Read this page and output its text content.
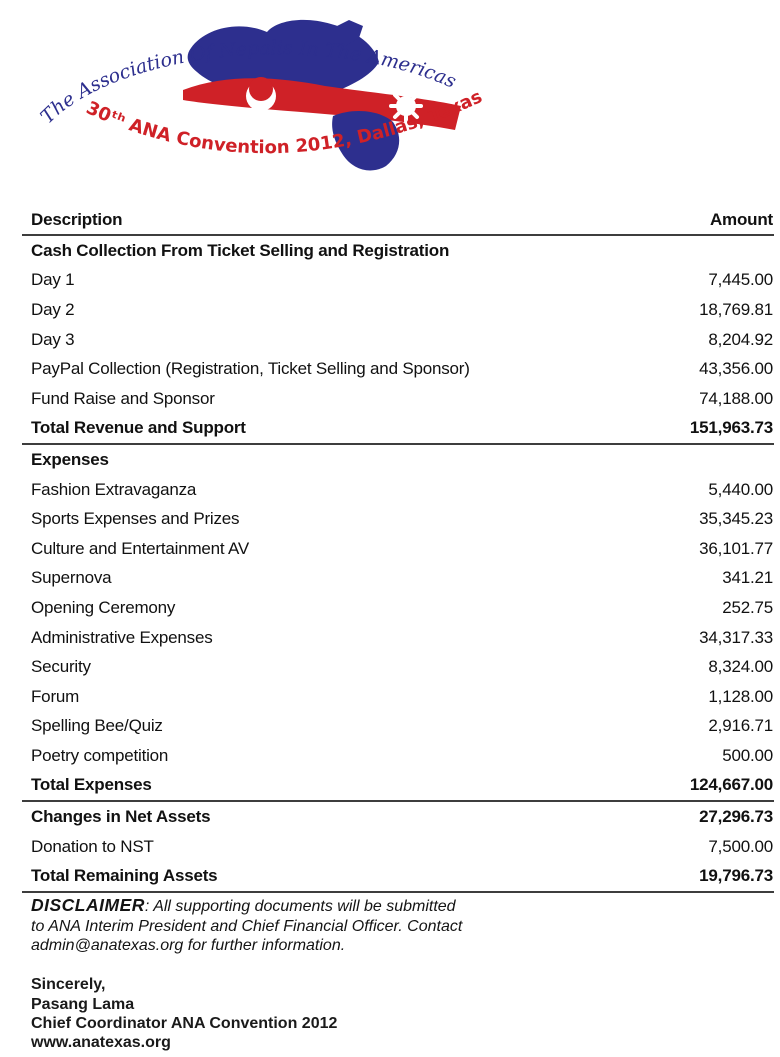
The Association Of Nepalis In The Americas
30ᵗʰ ANA Convention 2012, Dallas, Texas
Description	Amount
Cash Collection From Ticket Selling and Registration
Day 1	7,445.00
Day 2	18,769.81
Day 3	8,204.92
PayPal Collection (Registration, Ticket Selling and Sponsor)	43,356.00
Fund Raise and Sponsor	74,188.00
Total Revenue and Support	151,963.73
Expenses
Fashion Extravaganza	5,440.00
Sports Expenses and Prizes	35,345.23
Culture and Entertainment AV	36,101.77
Supernova	341.21
Opening Ceremony	252.75
Administrative Expenses	34,317.33
Security	8,324.00
Forum	1,128.00
Spelling Bee/Quiz	2,916.71
Poetry competition	500.00
Total Expenses	124,667.00
Changes in Net Assets	27,296.73
Donation to NST	7,500.00
Total Remaining Assets	19,796.73

DISCLAIMER: All supporting documents will be submitted to ANA Interim President and Chief Financial Officer. Contact admin@anatexas.org for further information.

Sincerely,
Pasang Lama
Chief Coordinator ANA Convention 2012
www.anatexas.org
